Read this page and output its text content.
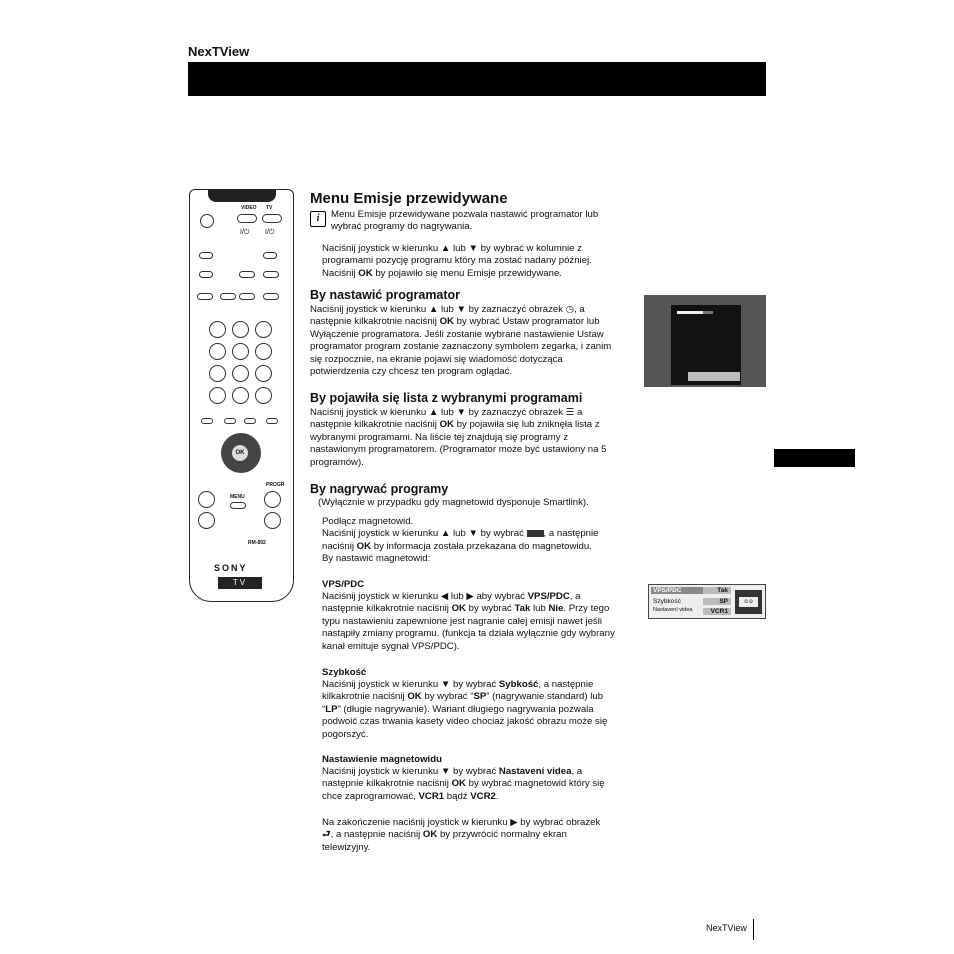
NexTView
VIDEO TV
I/⏻ I/⏻
OK
MENU
PROGR
RM-892
SONY
TV
Menu Emisje przewidywane
i	Menu Emisje przewidywane pozwala nastawić programator lub
wybrać programy do nagrywania.
Naciśnij joystick w kierunku ▲ lub ▼ by wybrać w kolumnie z
programami pozycję programu który ma zostać nadany później.
Naciśnij OK by pojawiło się menu Emisje przewidywane.
By nastawić programator
Naciśnij joystick w kierunku ▲ lub ▼ by zaznaczyć obrazek ◷, a
następnie kilkakrotnie naciśnij OK by wybrać Ustaw programator lub
Wyłączenie programatora. Jeśli zostanie wybrane nastawienie Ustaw
programator program zostanie zaznaczony symbolem zegarka, i zanim
się rozpocznie, na ekranie pojawi się wiadomość dotycząca
potwierdzenia czy chcesz ten program oglądać.
By pojawiła się lista z wybranymi programami
Naciśnij joystick w kierunku ▲ lub ▼ by zaznaczyć obrazek ☰ a
następnie kilkakrotnie naciśnij OK by pojawiła się lub zniknęła lista z
wybranymi programami. Na liście tej znajdują się programy z
nastawionym programatorem. (Programator może być ustawiony na 5
programów).
By nagrywać programy
(Wyłącznie w przypadku gdy magnetowid dysponuje Smartlink).
Podłącz magnetowid.
Naciśnij joystick w kierunku ▲ lub ▼ by wybrać , a następnie
naciśnij OK by informacja została przekazana do magnetowidu.
By nastawić magnetowid:
VPS/PDC
Naciśnij joystick w kierunku ◀ lub ▶ aby wybrać VPS/PDC, a
następnie kilkakrotnie naciśnij OK by wybrać Tak lub Nie. Przy tego
typu nastawieniu zapewnione jest nagranie całej emisji nawet jeśli
nastąpiły zmiany programu. (funkcja ta działa wyłącznie gdy wybrany
kanał emituje sygnał VPS/PDC).
Szybkość
Naciśnij joystick w kierunku ▼ by wybrać Sybkość, a następnie
kilkakrotnie naciśnij OK by wybrać “SP” (nagrywanie standard) lub
“LP” (długie nagrywanie). Wariant długiego nagrywania pozwala
podwoić czas trwania kasety video chociaż jakość obrazu może się
pogorszyć.
Nastawienie magnetowidu
Naciśnij joystick w kierunku ▼ by wybrać Nastavení videa, a
następnie kilkakrotnie naciśnij OK by wybrać magnetowid który się
chce zaprogramować, VCR1 bądź VCR2.
Na zakończenie naciśnij joystick w kierunku ▶ by wybrać obrazek
⮐, a następnie naciśnij OK by przywrócić normalny ekran
telewizyjny.
VPS/PDC	Tak
Szybkość	SP
Nastavení videa	VCR1
o o
NexTView
